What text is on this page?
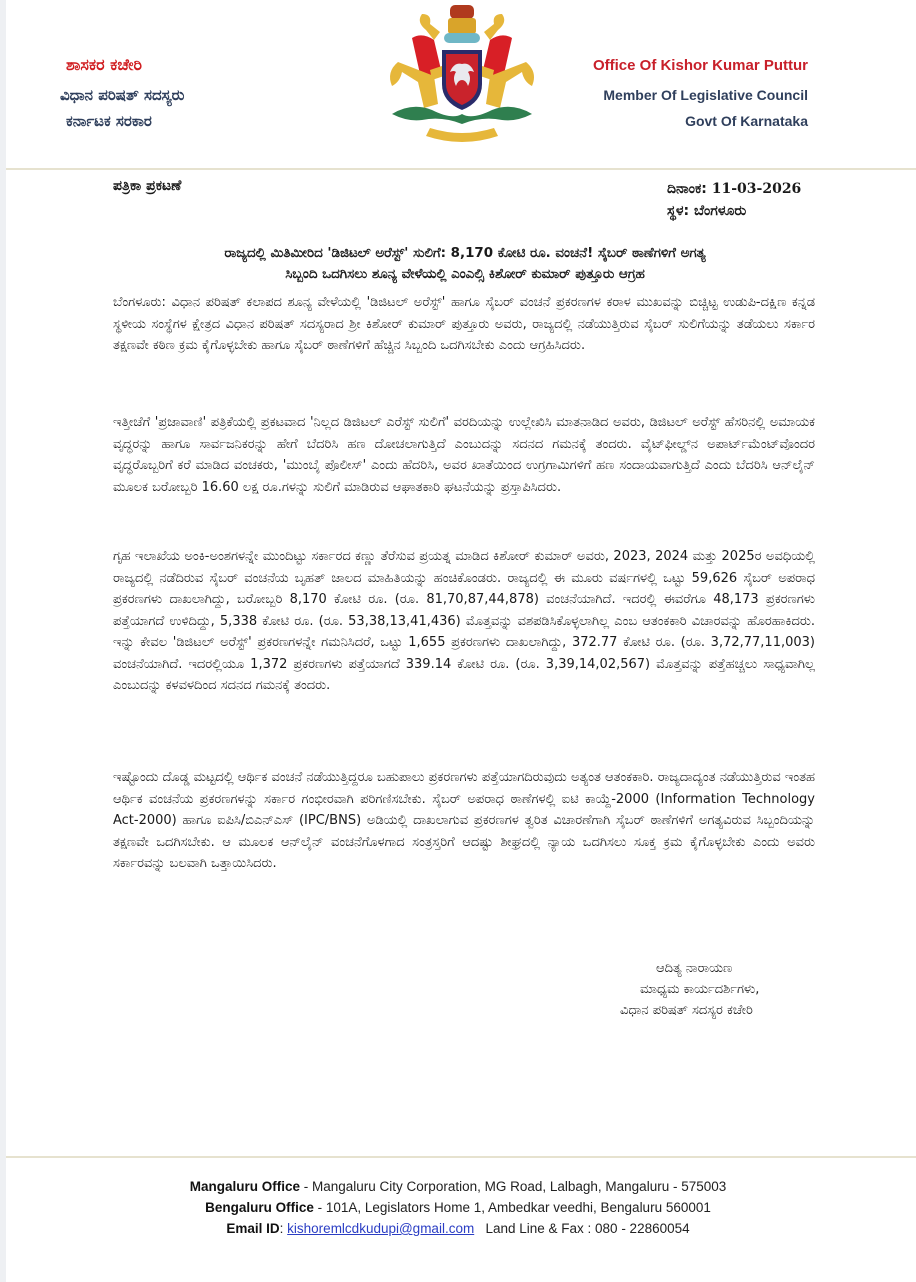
ಶಾಸಕರ ಕಚೇರಿ
ವಿಧಾನ ಪರಿಷತ್ ಸದಸ್ಯರು
ಕರ್ನಾಟಕ ಸರಕಾರ
Office Of Kishor Kumar Puttur
Member Of Legislative Council
Govt Of Karnataka
ಪತ್ರಿಕಾ ಪ್ರಕಟಣೆ	ದಿನಾಂಕ: 11-03-2026
ಸ್ಥಳ: ಬೆಂಗಳೂರು
ರಾಜ್ಯದಲ್ಲಿ ಮಿತಿಮೀರಿದ 'ಡಿಜಿಟಲ್ ಅರೆಸ್ಟ್' ಸುಲಿಗೆ: 8,170 ಕೋಟಿ ರೂ. ವಂಚನೆ! ಸೈಬರ್ ಠಾಣೆಗಳಿಗೆ ಅಗತ್ಯ
ಸಿಬ್ಬಂದಿ ಒದಗಿಸಲು ಶೂನ್ಯ ವೇಳೆಯಲ್ಲಿ ಎಂಎಲ್ಸಿ ಕಿಶೋರ್ ಕುಮಾರ್ ಪುತ್ತೂರು ಆಗ್ರಹ
ಬೆಂಗಳೂರು: ವಿಧಾನ ಪರಿಷತ್ ಕಲಾಪದ ಶೂನ್ಯ ವೇಳೆಯಲ್ಲಿ 'ಡಿಜಿಟಲ್ ಅರೆಸ್ಟ್' ಹಾಗೂ ಸೈಬರ್ ವಂಚನೆ ಪ್ರಕರಣಗಳ ಕರಾಳ ಮುಖವನ್ನು ಬಿಚ್ಚಿಟ್ಟ ಉಡುಪಿ-ದಕ್ಷಿಣ ಕನ್ನಡ ಸ್ಥಳೀಯ ಸಂಸ್ಥೆಗಳ ಕ್ಷೇತ್ರದ ವಿಧಾನ ಪರಿಷತ್ ಸದಸ್ಯರಾದ ಶ್ರೀ ಕಿಶೋರ್ ಕುಮಾರ್ ಪುತ್ತೂರು ಅವರು, ರಾಜ್ಯದಲ್ಲಿ ನಡೆಯುತ್ತಿರುವ ಸೈಬರ್ ಸುಲಿಗೆಯನ್ನು ತಡೆಯಲು ಸರ್ಕಾರ ತಕ್ಷಣವೇ ಕಠಿಣ ಕ್ರಮ ಕೈಗೊಳ್ಳಬೇಕು ಹಾಗೂ ಸೈಬರ್ ಠಾಣೆಗಳಿಗೆ ಹೆಚ್ಚಿನ ಸಿಬ್ಬಂದಿ ಒದಗಿಸಬೇಕು ಎಂದು ಆಗ್ರಹಿಸಿದರು.
ಇತ್ತೀಚೆಗೆ 'ಪ್ರಜಾವಾಣಿ' ಪತ್ರಿಕೆಯಲ್ಲಿ ಪ್ರಕಟವಾದ 'ನಿಲ್ಲದ ಡಿಜಿಟಲ್ ಎರೆಸ್ಟ್ ಸುಲಿಗೆ' ವರದಿಯನ್ನು ಉಲ್ಲೇಖಿಸಿ ಮಾತನಾಡಿದ ಅವರು, ಡಿಜಿಟಲ್ ಅರೆಸ್ಟ್ ಹೆಸರಿನಲ್ಲಿ ಅಮಾಯಕ ವೃದ್ಧರನ್ನು ಹಾಗೂ ಸಾರ್ವಜನಿಕರನ್ನು ಹೇಗೆ ಬೆದರಿಸಿ ಹಣ ದೋಚಲಾಗುತ್ತಿದೆ ಎಂಬುದನ್ನು ಸದನದ ಗಮನಕ್ಕೆ ತಂದರು. ವೈಟ್‌ಫೀಲ್ಡ್‌ನ ಅಪಾರ್ಟ್‌ಮೆಂಟ್‌ವೊಂದರ ವೃದ್ಧರೊಬ್ಬರಿಗೆ ಕರೆ ಮಾಡಿದ ವಂಚಕರು, 'ಮುಂಬೈ ಪೊಲೀಸ್' ಎಂದು ಹೆದರಿಸಿ, ಅವರ ಖಾತೆಯಿಂದ ಉಗ್ರಗಾಮಿಗಳಿಗೆ ಹಣ ಸಂದಾಯವಾಗುತ್ತಿದೆ ಎಂದು ಬೆದರಿಸಿ ಆನ್‌ಲೈನ್ ಮೂಲಕ ಬರೋಬ್ಬರಿ 16.60 ಲಕ್ಷ ರೂ.ಗಳನ್ನು ಸುಲಿಗೆ ಮಾಡಿರುವ ಆಘಾತಕಾರಿ ಘಟನೆಯನ್ನು ಪ್ರಸ್ತಾಪಿಸಿದರು.
ಗೃಹ ಇಲಾಖೆಯ ಅಂಕಿ-ಅಂಶಗಳನ್ನೇ ಮುಂದಿಟ್ಟು ಸರ್ಕಾರದ ಕಣ್ಣು ತೆರೆಸುವ ಪ್ರಯತ್ನ ಮಾಡಿದ ಕಿಶೋರ್ ಕುಮಾರ್ ಅವರು, 2023, 2024 ಮತ್ತು 2025ರ ಅವಧಿಯಲ್ಲಿ ರಾಜ್ಯದಲ್ಲಿ ನಡೆದಿರುವ ಸೈಬರ್ ವಂಚನೆಯ ಬೃಹತ್ ಜಾಲದ ಮಾಹಿತಿಯನ್ನು ಹಂಚಿಕೊಂಡರು. ರಾಜ್ಯದಲ್ಲಿ ಈ ಮೂರು ವರ್ಷಗಳಲ್ಲಿ ಒಟ್ಟು 59,626 ಸೈಬರ್ ಅಪರಾಧ ಪ್ರಕರಣಗಳು ದಾಖಲಾಗಿದ್ದು, ಬರೋಬ್ಬರಿ 8,170 ಕೋಟಿ ರೂ. (ರೂ. 81,70,87,44,878) ವಂಚನೆಯಾಗಿದೆ. ಇದರಲ್ಲಿ ಈವರೆಗೂ 48,173 ಪ್ರಕರಣಗಳು ಪತ್ತೆಯಾಗದೆ ಉಳಿದಿದ್ದು, 5,338 ಕೋಟಿ ರೂ. (ರೂ. 53,38,13,41,436) ಮೊತ್ತವನ್ನು ವಶಪಡಿಸಿಕೊಳ್ಳಲಾಗಿಲ್ಲ ಎಂಬ ಆತಂಕಕಾರಿ ವಿಚಾರವನ್ನು ಹೊರಹಾಕಿದರು. ಇನ್ನು ಕೇವಲ 'ಡಿಜಿಟಲ್ ಅರೆಸ್ಟ್' ಪ್ರಕರಣಗಳನ್ನೇ ಗಮನಿಸಿದರೆ, ಒಟ್ಟು 1,655 ಪ್ರಕರಣಗಳು ದಾಖಲಾಗಿದ್ದು, 372.77 ಕೋಟಿ ರೂ. (ರೂ. 3,72,77,11,003) ವಂಚನೆಯಾಗಿದೆ. ಇದರಲ್ಲಿಯೂ 1,372 ಪ್ರಕರಣಗಳು ಪತ್ತೆಯಾಗದೆ 339.14 ಕೋಟಿ ರೂ. (ರೂ. 3,39,14,02,567) ಮೊತ್ತವನ್ನು ಪತ್ತೆಹಚ್ಚಲು ಸಾಧ್ಯವಾಗಿಲ್ಲ ಎಂಬುದನ್ನು ಕಳವಳದಿಂದ ಸದನದ ಗಮನಕ್ಕೆ ತಂದರು.
ಇಷ್ಟೊಂದು ದೊಡ್ಡ ಮಟ್ಟದಲ್ಲಿ ಆರ್ಥಿಕ ವಂಚನೆ ನಡೆಯುತ್ತಿದ್ದರೂ ಬಹುಪಾಲು ಪ್ರಕರಣಗಳು ಪತ್ತೆಯಾಗದಿರುವುದು ಅತ್ಯಂತ ಆತಂಕಕಾರಿ. ರಾಜ್ಯದಾದ್ಯಂತ ನಡೆಯುತ್ತಿರುವ ಇಂತಹ ಆರ್ಥಿಕ ವಂಚನೆಯ ಪ್ರಕರಣಗಳನ್ನು ಸರ್ಕಾರ ಗಂಭೀರವಾಗಿ ಪರಿಗಣಿಸಬೇಕು. ಸೈಬರ್ ಅಪರಾಧ ಠಾಣೆಗಳಲ್ಲಿ ಐಟಿ ಕಾಯ್ದೆ-2000 (Information Technology Act-2000) ಹಾಗೂ ಐಪಿಸಿ/ಬಿಎನ್‌ಎಸ್ (IPC/BNS) ಅಡಿಯಲ್ಲಿ ದಾಖಲಾಗುವ ಪ್ರಕರಣಗಳ ತ್ವರಿತ ವಿಚಾರಣೆಗಾಗಿ ಸೈಬರ್ ಠಾಣೆಗಳಿಗೆ ಅಗತ್ಯವಿರುವ ಸಿಬ್ಬಂದಿಯನ್ನು ತಕ್ಷಣವೇ ಒದಗಿಸಬೇಕು. ಆ ಮೂಲಕ ಆನ್‌ಲೈನ್ ವಂಚನೆಗೊಳಗಾದ ಸಂತ್ರಸ್ತರಿಗೆ ಆದಷ್ಟು ಶೀಘ್ರದಲ್ಲಿ ನ್ಯಾಯ ಒದಗಿಸಲು ಸೂಕ್ತ ಕ್ರಮ ಕೈಗೊಳ್ಳಬೇಕು ಎಂದು ಅವರು ಸರ್ಕಾರವನ್ನು ಬಲವಾಗಿ ಒತ್ತಾಯಿಸಿದರು.
ಆದಿತ್ಯ ನಾರಾಯಣ
ಮಾಧ್ಯಮ ಕಾರ್ಯದರ್ಶಿಗಳು,
ವಿಧಾನ ಪರಿಷತ್ ಸದಸ್ಯರ ಕಚೇರಿ
Mangaluru Office - Mangaluru City Corporation, MG Road, Lalbagh, Mangaluru - 575003
Bengaluru Office - 101A, Legislators Home 1, Ambedkar veedhi, Bengaluru 560001
Email ID: kishoremlcdkudupi@gmail.com Land Line & Fax : 080 - 22860054
